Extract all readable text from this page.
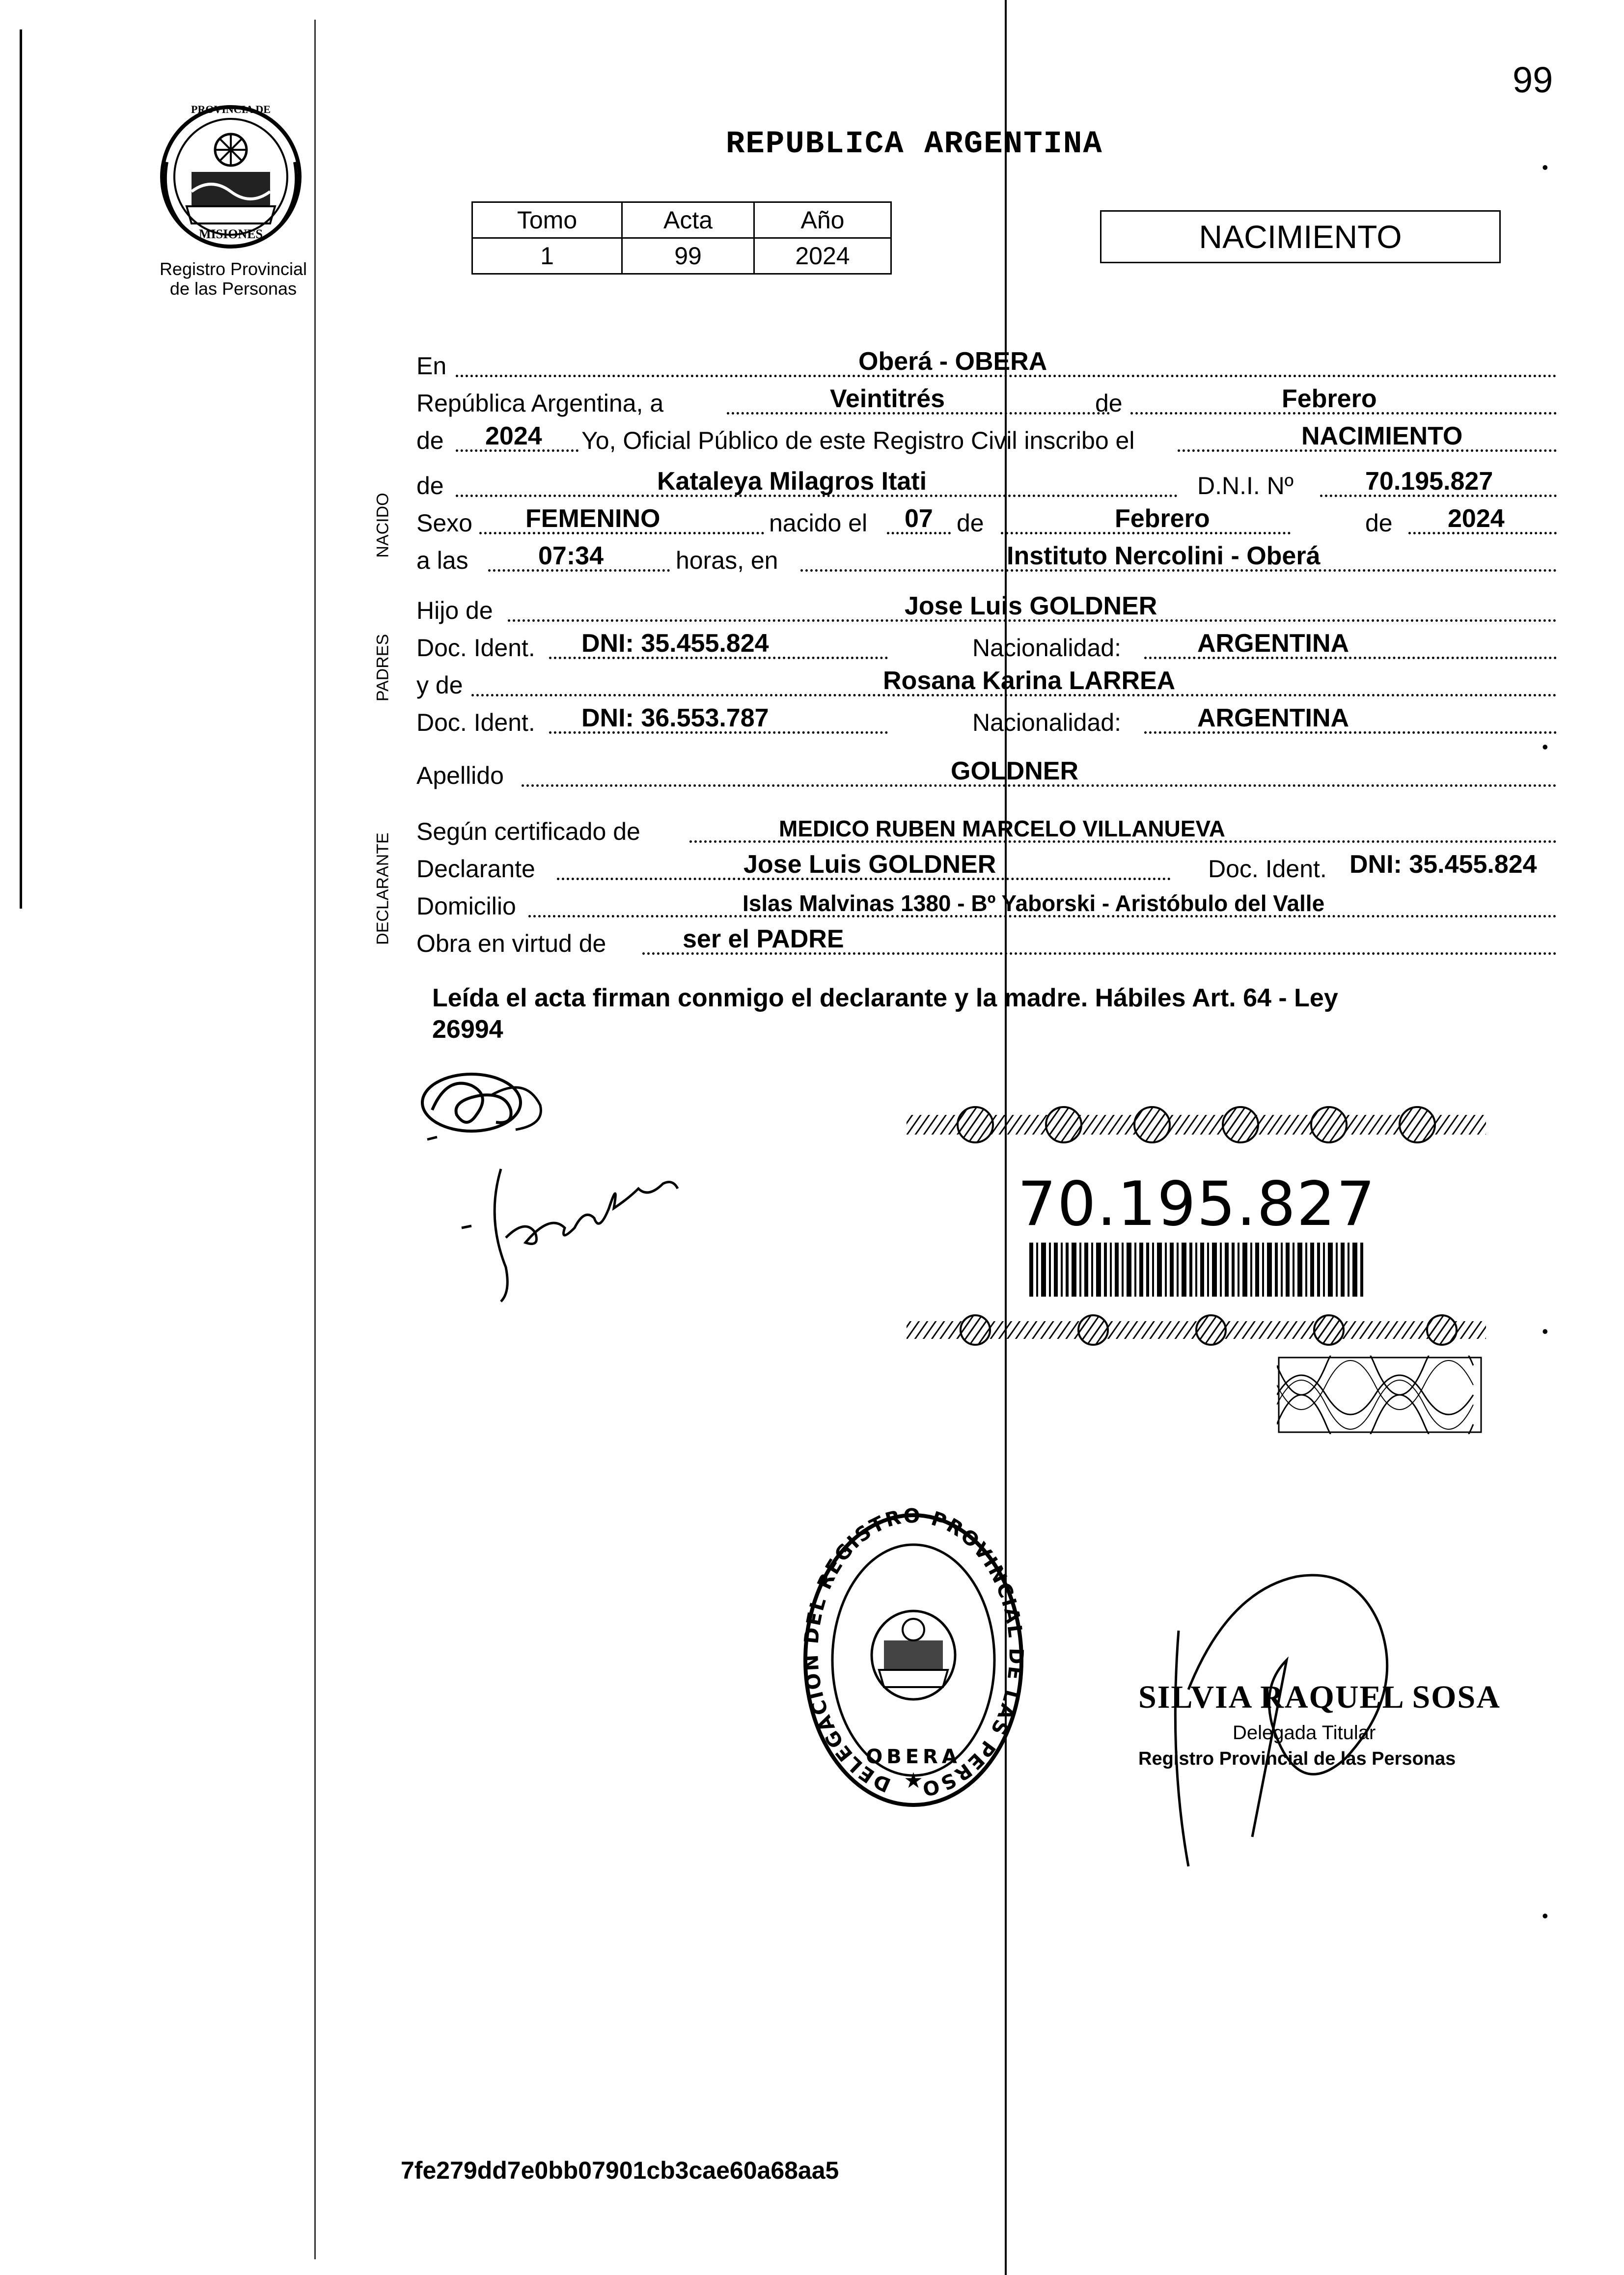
99
PROVINCIA DE
MISIONES
Registro Provincial
de las Personas
REPUBLICA ARGENTINA
Tomo	Acta	Año
1	99	2024
NACIMIENTO
NACIDO
PADRES
DECLARANTE
En	Oberá - OBERA
República Argentina, a	Veintitrés	de	Febrero
de 2024 Yo, Oficial Público de este Registro Civil inscribo el	NACIMIENTO
de	Kataleya Milagros Itati	D.N.I. Nº	70.195.827
Sexo FEMENINO	nacido el 07 de	Febrero	de 2024
a las	07:34	horas, en	Instituto Nercolini - Oberá
Hijo de	Jose Luis GOLDNER
Doc. Ident. DNI: 35.455.824	Nacionalidad:	ARGENTINA
y de	Rosana Karina LARREA
Doc. Ident. DNI: 36.553.787	Nacionalidad:	ARGENTINA
Apellido	GOLDNER
Según certificado de	MEDICO RUBEN MARCELO VILLANUEVA
Declarante	Jose Luis GOLDNER	Doc. Ident. DNI: 35.455.824
Domicilio	Islas Malvinas 1380 - Bº Yaborski - Aristóbulo del Valle
Obra en virtud de	ser el PADRE
Leída el acta firman conmigo el declarante y la madre. Hábiles Art. 64 - Ley
26994
70.195.827
DELEGACION DEL REGISTRO PROVINCIAL DE LAS PERSO
OBERA
★
SILVIA RAQUEL SOSA
Delegada Titular
Registro Provincial de las Personas
7fe279dd7e0bb07901cb3cae60a68aa5
•
•
•
•
